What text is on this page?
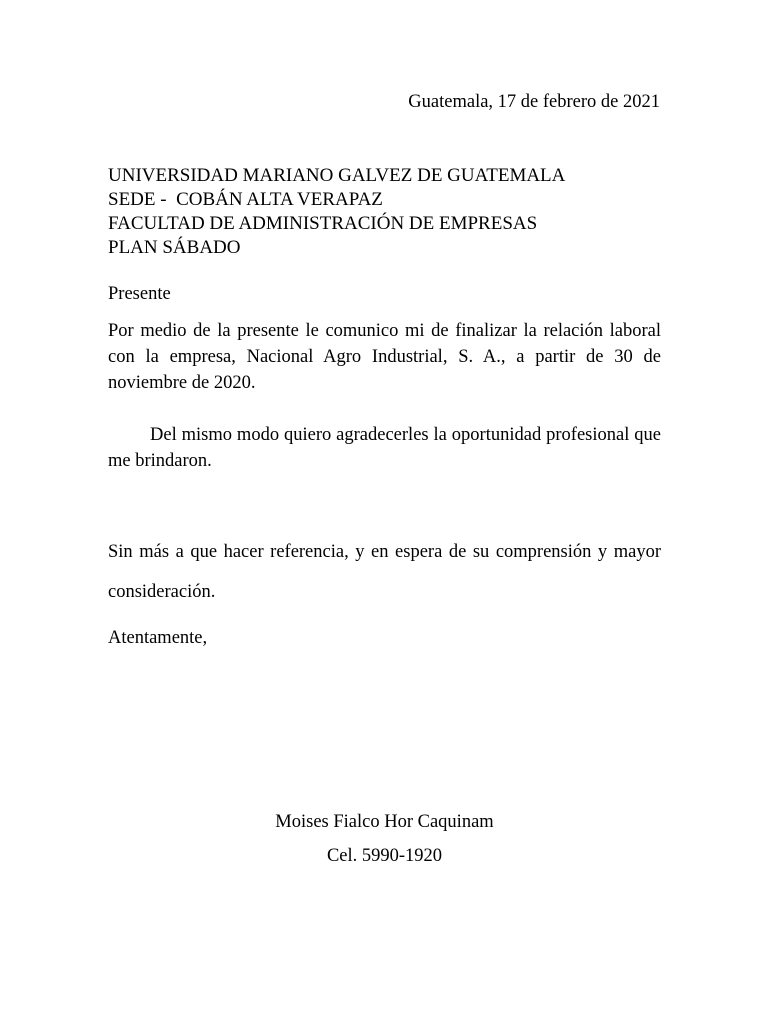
Guatemala, 17 de febrero de 2021
UNIVERSIDAD MARIANO GALVEZ DE GUATEMALA
SEDE -  COBÁN ALTA VERAPAZ
FACULTAD DE ADMINISTRACIÓN DE EMPRESAS
PLAN SÁBADO
Presente
Por medio de la presente le comunico mi de finalizar la relación laboral con la empresa, Nacional Agro Industrial, S. A., a partir de 30 de noviembre de 2020.
Del mismo modo quiero agradecerles la oportunidad profesional que me brindaron.
Sin más a que hacer referencia, y en espera de su comprensión y mayor consideración.
Atentamente,
Moises Fialco Hor Caquinam
Cel. 5990-1920
